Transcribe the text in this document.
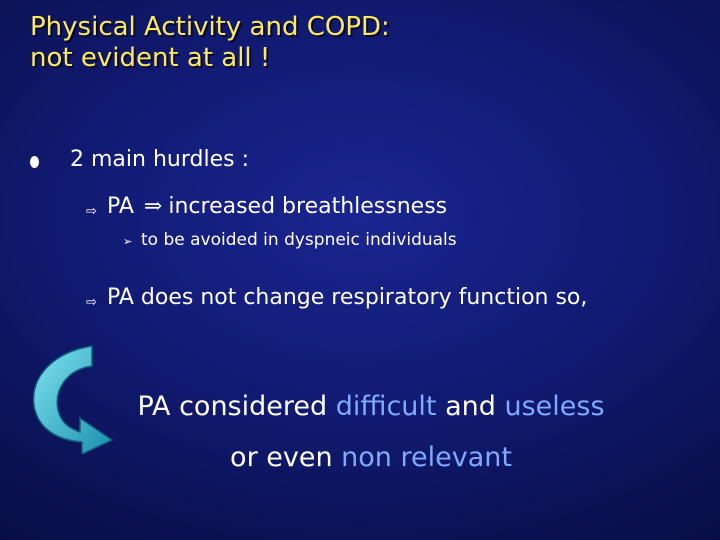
Physical Activity and COPD:
not evident at all !
2 main hurdles :
⇨ PA ⇒ increased breathlessness
➢ to be avoided in dyspneic individuals
⇨ PA does not change respiratory function so,
PA considered difficult and useless
or even non relevant
